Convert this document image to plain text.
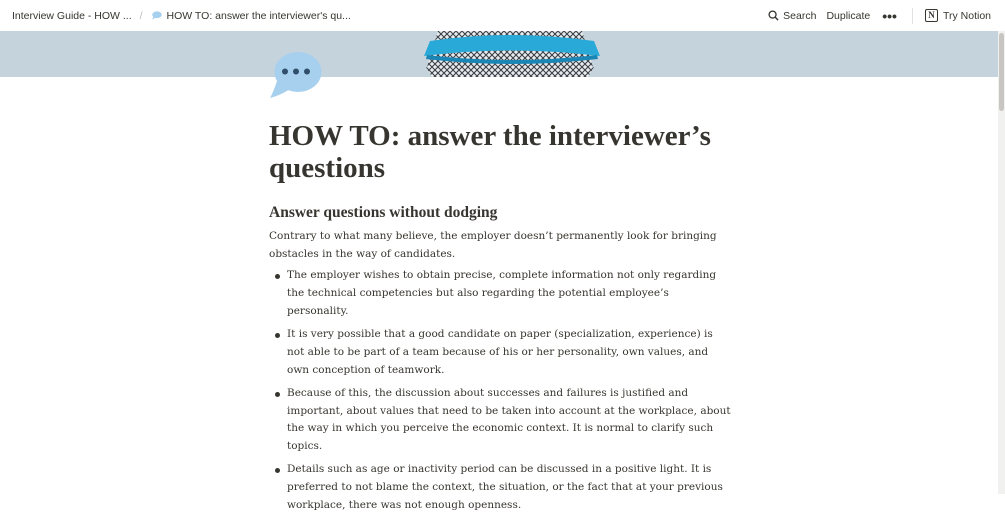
Interview Guide - HOW ... /	HOW TO: answer the interviewer's qu...	Search Duplicate •••	N Try Notion
HOW TO: answer the interviewer’s questions
Answer questions without dodging

Contrary to what many believe, the employer doesn’t permanently look for bringing obstacles in the way of candidates.

The employer wishes to obtain precise, complete information not only regarding the technical competencies but also regarding the potential employee’s personality.
It is very possible that a good candidate on paper (specialization, experience) is not able to be part of a team because of his or her personality, own values, and own conception of teamwork.
Because of this, the discussion about successes and failures is justified and important, about values that need to be taken into account at the workplace, about the way in which you perceive the economic context. It is normal to clarify such topics.
Details such as age or inactivity period can be discussed in a positive light. It is preferred to not blame the context, the situation, or the fact that at your previous workplace, there was not enough openness.
